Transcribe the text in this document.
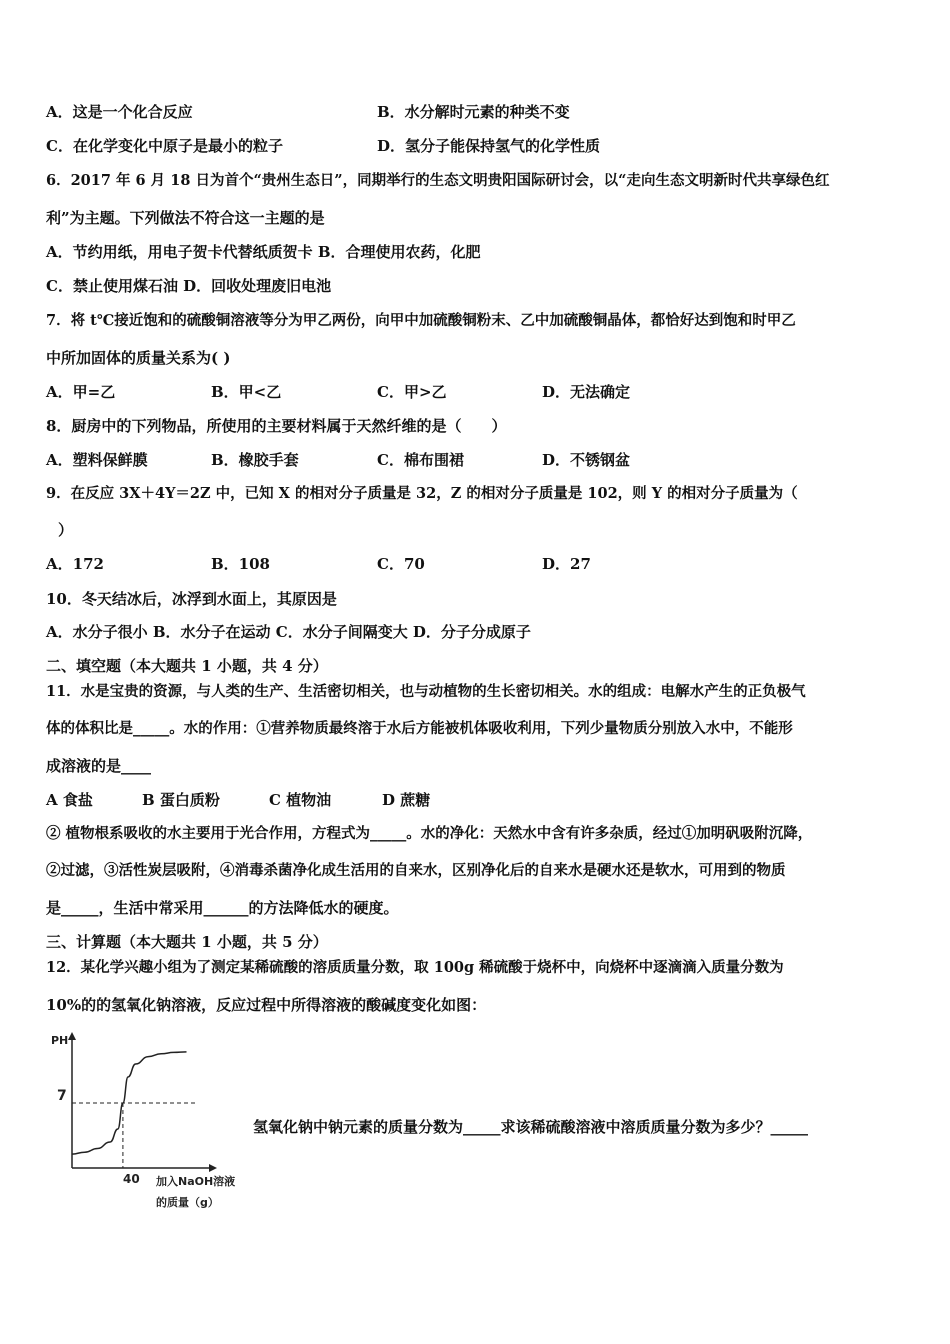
A．这是一个化合反应	B．水分解时元素的种类不变
C．在化学变化中原子是最小的粒子	D．氢分子能保持氢气的化学性质
6．2017 年 6 月 18 日为首个“贵州生态日”，同期举行的生态文明贵阳国际研讨会，以“走向生态文明新时代共享绿色红
利”为主题。下列做法不符合这一主题的是
A．节约用纸，用电子贺卡代替纸质贺卡 B．合理使用农药，化肥
C．禁止使用煤石油 D．回收处理废旧电池
7．将 t℃接近饱和的硫酸铜溶液等分为甲乙两份，向甲中加硫酸铜粉末、乙中加硫酸铜晶体，都恰好达到饱和时甲乙
中所加固体的质量关系为( )
A．甲=乙	B．甲<乙	C．甲>乙	D．无法确定
8．厨房中的下列物品，所使用的主要材料属于天然纤维的是（　　）
A．塑料保鲜膜	B．橡胶手套	C．棉布围裙	D．不锈钢盆
9．在反应 3X＋4Y＝2Z 中，已知 X 的相对分子质量是 32，Z 的相对分子质量是 102，则 Y 的相对分子质量为（
）
A．172	B．108	C．70	D．27
10．冬天结冰后，冰浮到水面上，其原因是
A．水分子很小 B．水分子在运动 C．水分子间隔变大 D．分子分成原子
二、填空题（本大题共 1 小题，共 4 分）
11．水是宝贵的资源，与人类的生产、生活密切相关，也与动植物的生长密切相关。水的组成：电解水产生的正负极气
体的体积比是_____。水的作用：①营养物质最终溶于水后方能被机体吸收利用，下列少量物质分别放入水中，不能形
成溶液的是____
A 食盐	B 蛋白质粉	C 植物油	D 蔗糖
② 植物根系吸收的水主要用于光合作用，方程式为_____。水的净化：天然水中含有许多杂质，经过①加明矾吸附沉降，
②过滤，③活性炭层吸附，④消毒杀菌净化成生活用的自来水，区别净化后的自来水是硬水还是软水，可用到的物质
是_____，生活中常采用______的方法降低水的硬度。
三、计算题（本大题共 1 小题，共 5 分）
12．某化学兴趣小组为了测定某稀硫酸的溶质质量分数，取 100g 稀硫酸于烧杯中，向烧杯中逐滴滴入质量分数为
10%的的氢氧化钠溶液，反应过程中所得溶液的酸碱度变化如图：
PH
7
40 加入NaOH溶液
的质量（g）
氢氧化钠中钠元素的质量分数为_____求该稀硫酸溶液中溶质质量分数为多少？_____
